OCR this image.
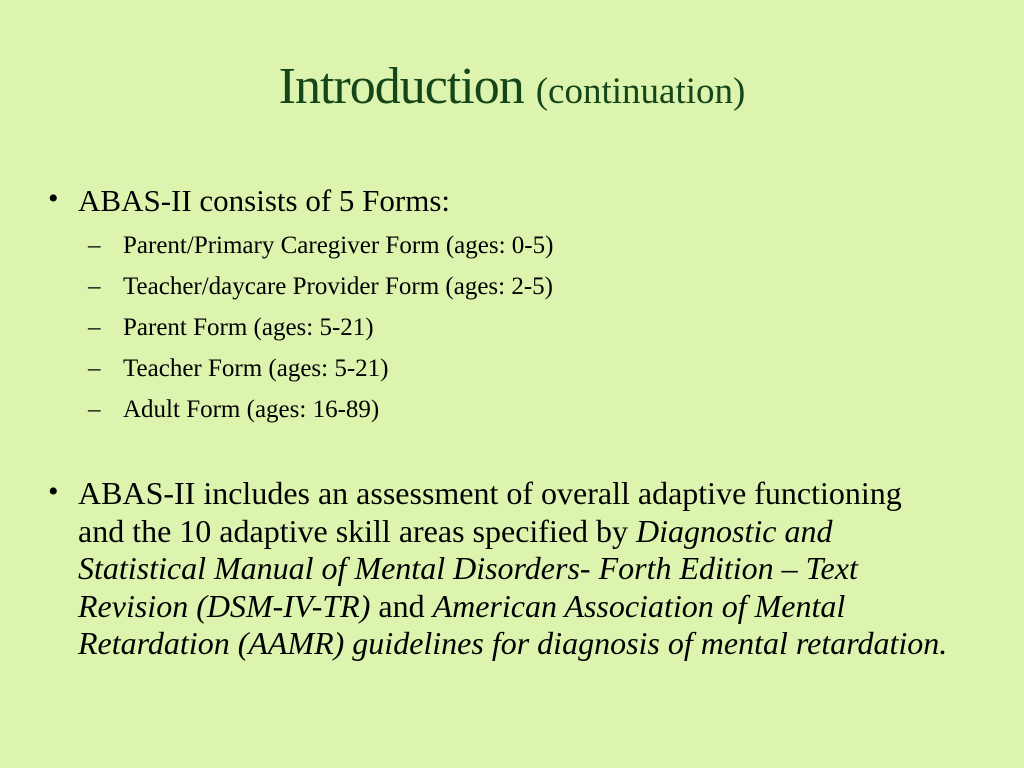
Introduction (continuation)
• ABAS-II consists of 5 Forms:
– Parent/Primary Caregiver Form (ages: 0-5)
– Teacher/daycare Provider Form (ages: 2-5)
– Parent Form (ages: 5-21)
– Teacher Form (ages: 5-21)
– Adult Form (ages: 16-89)
• ABAS-II includes an assessment of overall adaptive functioning and the 10 adaptive skill areas specified by Diagnostic and Statistical Manual of Mental Disorders- Forth Edition – Text Revision (DSM-IV-TR) and American Association of Mental Retardation (AAMR) guidelines for diagnosis of mental retardation.
